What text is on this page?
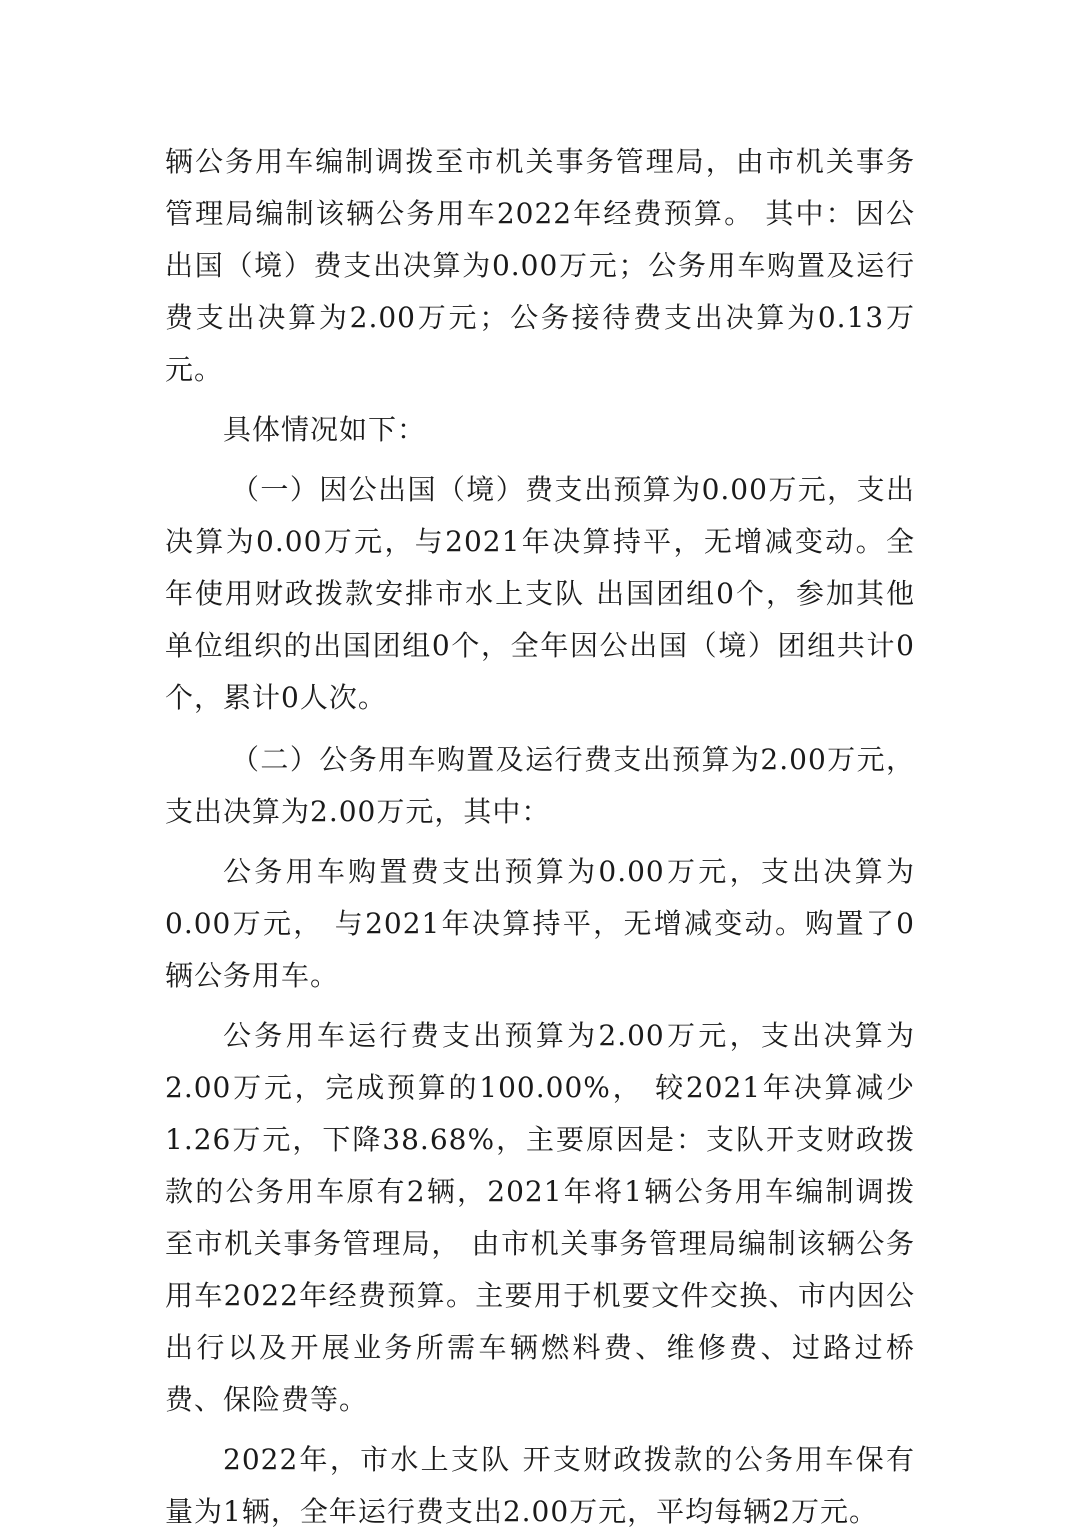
辆公务用车编制调拨至市机关事务管理局，由市机关事务管理局编制该辆公务用车2022年经费预算。 其中：因公出国（境）费支出决算为0.00万元；公务用车购置及运行费支出决算为2.00万元；公务接待费支出决算为0.13万元。

具体情况如下：

（一）因公出国（境）费支出预算为0.00万元，支出决算为0.00万元，与2021年决算持平，无增减变动。全年使用财政拨款安排市水上支队 出国团组0个，参加其他单位组织的出国团组0个，全年因公出国（境）团组共计0个，累计0人次。

（二）公务用车购置及运行费支出预算为2.00万元，支出决算为2.00万元，其中：

公务用车购置费支出预算为0.00万元，支出决算为0.00万元， 与2021年决算持平，无增减变动。购置了0辆公务用车。

公务用车运行费支出预算为2.00万元，支出决算为2.00万元，完成预算的100.00%， 较2021年决算减少1.26万元，下降38.68%，主要原因是：支队开支财政拨款的公务用车原有2辆，2021年将1辆公务用车编制调拨至市机关事务管理局， 由市机关事务管理局编制该辆公务用车2022年经费预算。主要用于机要文件交换、市内因公出行以及开展业务所需车辆燃料费、维修费、过路过桥费、保险费等。

2022年，市水上支队 开支财政拨款的公务用车保有量为1辆，全年运行费支出2.00万元，平均每辆2万元。
